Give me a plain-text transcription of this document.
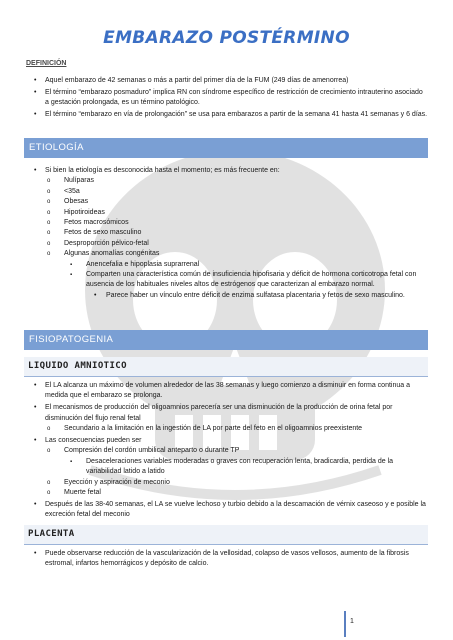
EMBARAZO POSTÉRMINO
DEFINICIÓN
• Aquel embarazo de 42 semanas o más a partir del primer día de la FUM (249 días de amenorrea)
• El término “embarazo posmaduro” implica RN con síndrome específico de restricción de crecimiento intrauterino asociado a gestación prolongada, es un término patológico.
• El término “embarazo en vía de prolongación” se usa para embarazos a partir de la semana 41 hasta 41 semanas y 6 días.
ETIOLOGÍA
• Si bien la etiología es desconocida hasta el momento; es más frecuente en:
o Nulíparas
o <35a
o Obesas
o Hipotiroideas
o Fetos macrosómicos
o Fetos de sexo masculino
o Desproporción pélvico-fetal
o Algunas anomalías congénitas
▪ Anencefalia e hipoplasia suprarrenal
▪ Comparten una característica común de insuficiencia hipofisaria y déficit de hormona corticotropa fetal con ausencia de los habituales niveles altos de estrógenos que caracterizan al embarazo normal.
• Parece haber un vínculo entre déficit de enzima sulfatasa placentaria y fetos de sexo masculino.
FISIOPATOGENIA
LIQUIDO AMNIOTICO
• El LA alcanza un máximo de volumen alrededor de las 38 semanas y luego comienzo a disminuir en forma continua a medida que el embarazo se prolonga.
• El mecanismos de producción del oligoamnios parecería ser una disminución de la producción de orina fetal por disminución del flujo renal fetal
o Secundario a la limitación en la ingestión de LA por parte del feto en el oligoamnios preexistente
• Las consecuencias pueden ser
o Compresión del cordón umbilical anteparto o durante TP
▪ Desaceleraciones variables moderadas o graves con recuperación lenta, bradicardia, perdida de la variabilidad latido a latido
o Eyección y aspiración de meconio
o Muerte fetal
• Después de las 38-40 semanas, el LA se vuelve lechoso y turbio debido a la descamación de vérnix caseoso y e posible la excreción fetal del meconio
PLACENTA
• Puede observarse reducción de la vascularización de la vellosidad, colapso de vasos vellosos, aumento de la fibrosis estromal, infartos hemorrágicos y depósito de calcio.
1
